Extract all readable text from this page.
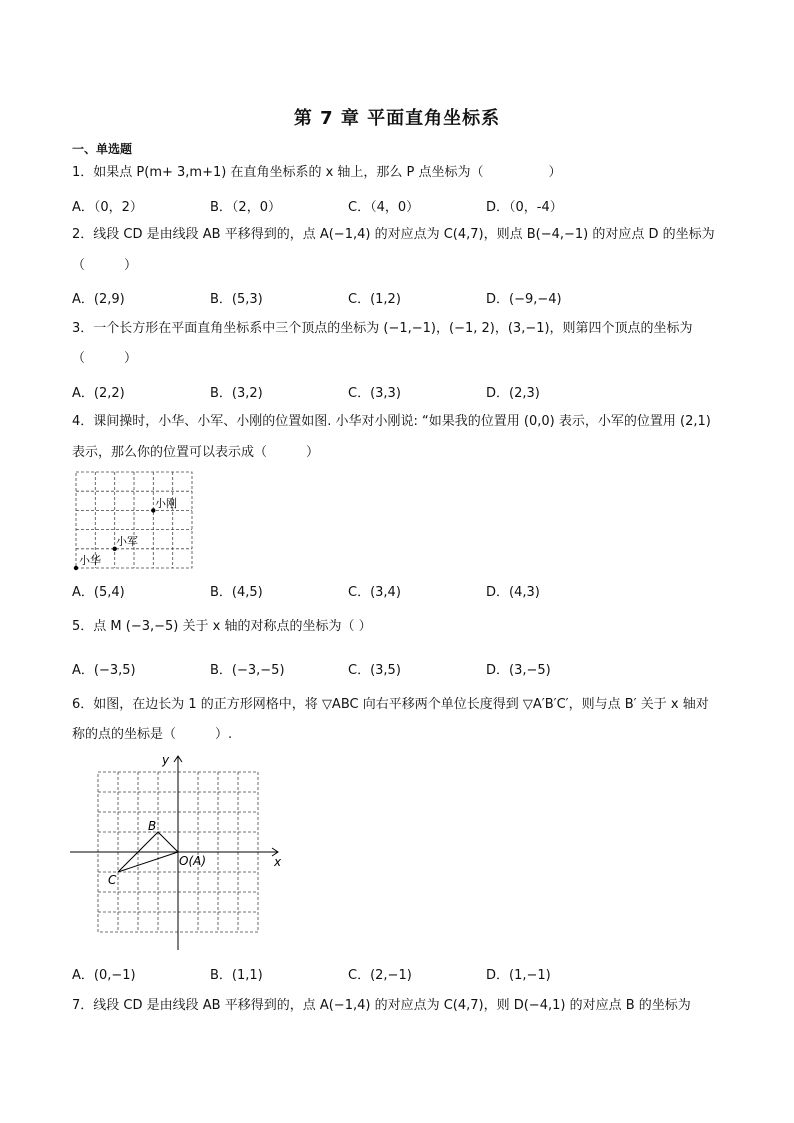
第 7 章 平面直角坐标系
一、单选题
1．如果点 P(m+ 3,m+1) 在直角坐标系的 x 轴上，那么 P 点坐标为（　　　　　）
A．（0，2）	B．（2，0）	C．（4，0）	D．（0，-4）
2．线段 CD 是由线段 AB 平移得到的，点 A(−1,4) 的对应点为 C(4,7)，则点 B(−4,−1) 的对应点 D 的坐标为
（　　　）
A．(2,9)	B．(5,3)	C．(1,2)	D．(−9,−4)
3．一个长方形在平面直角坐标系中三个顶点的坐标为 (−1,−1)，(−1, 2)，(3,−1)，则第四个顶点的坐标为
（　　　）
A．(2,2)	B．(3,2)	C．(3,3)	D．(2,3)
4．课间操时，小华、小军、小刚的位置如图. 小华对小刚说: “如果我的位置用 (0,0) 表示，小军的位置用 (2,1)
表示，那么你的位置可以表示成（　　　）
小刚
小军
小华
A．(5,4)	B．(4,5)	C．(3,4)	D．(4,3)
5．点 M (−3,−5) 关于 x 轴的对称点的坐标为（ ）
A．(−3,5)	B．(−3,−5)	C．(3,5)	D．(3,−5)
6．如图，在边长为 1 的正方形网格中，将 ▽ABC 向右平移两个单位长度得到 ▽A′B′C′，则与点 B′ 关于 x 轴对
称的点的坐标是（　　　）.
y
x
B
C
O(A)
A．(0,−1)	B．(1,1)	C．(2,−1)	D．(1,−1)
7．线段 CD 是由线段 AB 平移得到的，点 A(−1,4) 的对应点为 C(4,7)，则 D(−4,1) 的对应点 B 的坐标为
